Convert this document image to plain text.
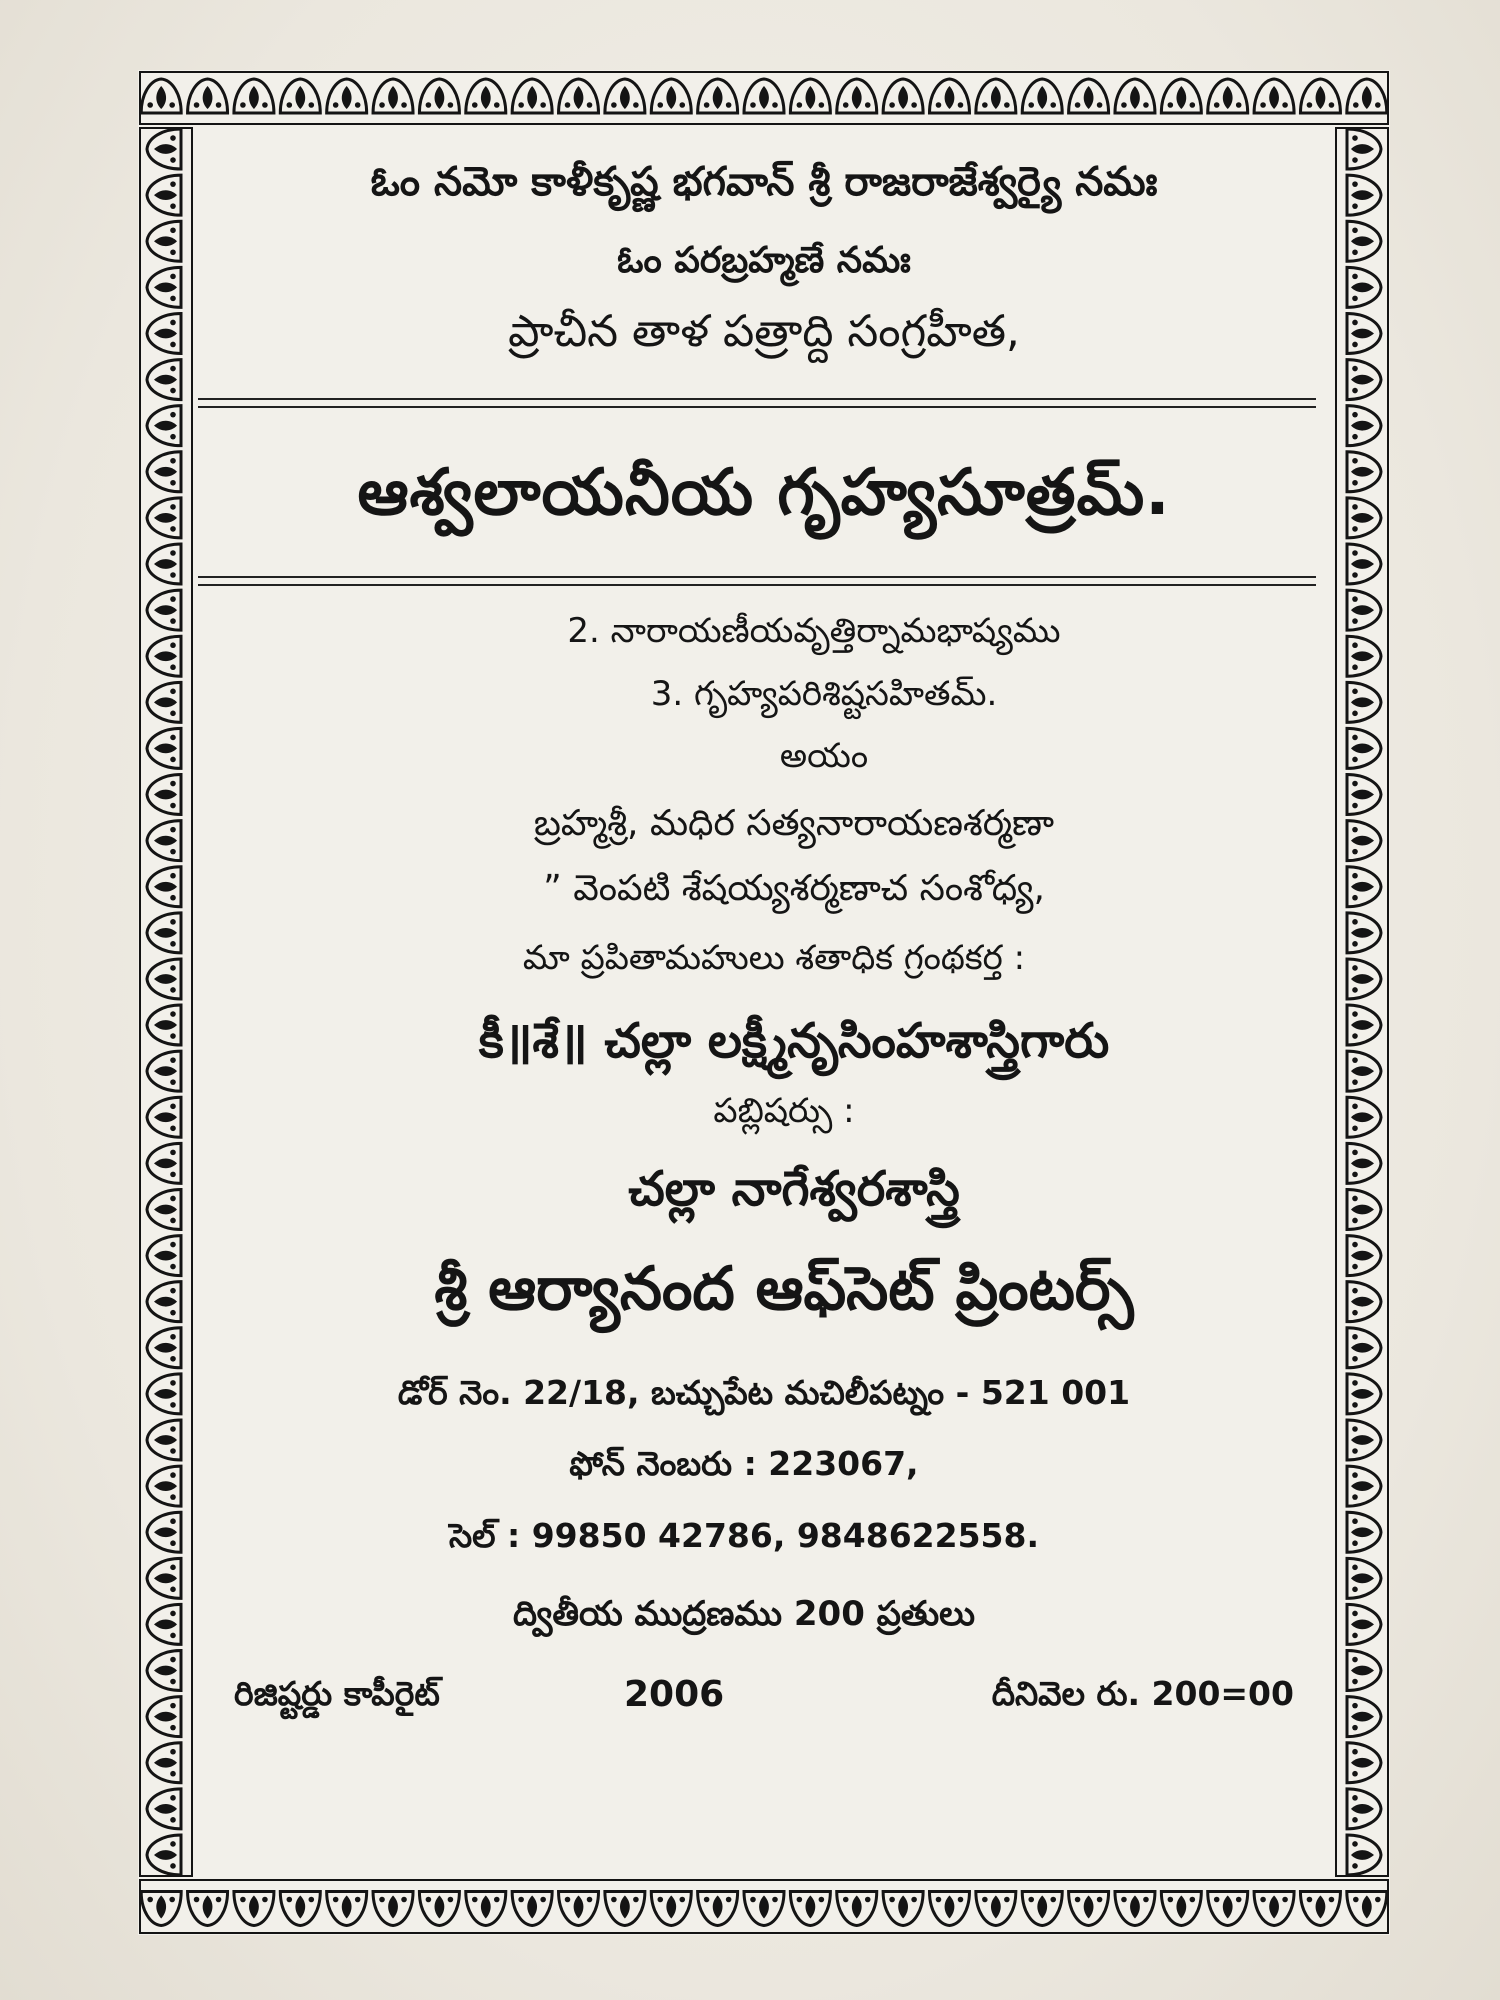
ఓం నమో కాళీకృష్ణ భగవాన్ శ్రీ రాజరాజేశ్వర్యై నమః
ఓం పరబ్రహ్మణే నమః
ప్రాచీన తాళ పత్రాద్ది సంగ్రహీత,
ఆశ్వలాయనీయ గృహ్యసూత్రమ్.
2. నారాయణీయవృత్తిర్నామభాష్యము
3. గృహ్యపరిశిష్టసహితమ్.
అయం
బ్రహ్మశ్రీ, మధిర సత్యనారాయణశర్మణా
” వెంపటి శేషయ్యశర్మణాచ సంశోధ్య,
మా ప్రపితామహులు శతాధిక గ్రంథకర్త :
కీ॥శే॥ చల్లా లక్ష్మీనృసింహశాస్త్రిగారు
పబ్లిషర్సు :
చల్లా నాగేశ్వరశాస్త్రి
శ్రీ ఆర్యానంద ఆఫ్‌సెట్ ప్రింటర్స్
డోర్ నెం. 22/18, బచ్చుపేట మచిలీపట్నం - 521 001
ఫోన్ నెంబరు : 223067,
సెల్ : 99850 42786, 9848622558.
ద్వితీయ ముద్రణము 200 ప్రతులు
రిజిష్టర్డు కాపీరైట్	2006	దీనివెల రు. 200=00
